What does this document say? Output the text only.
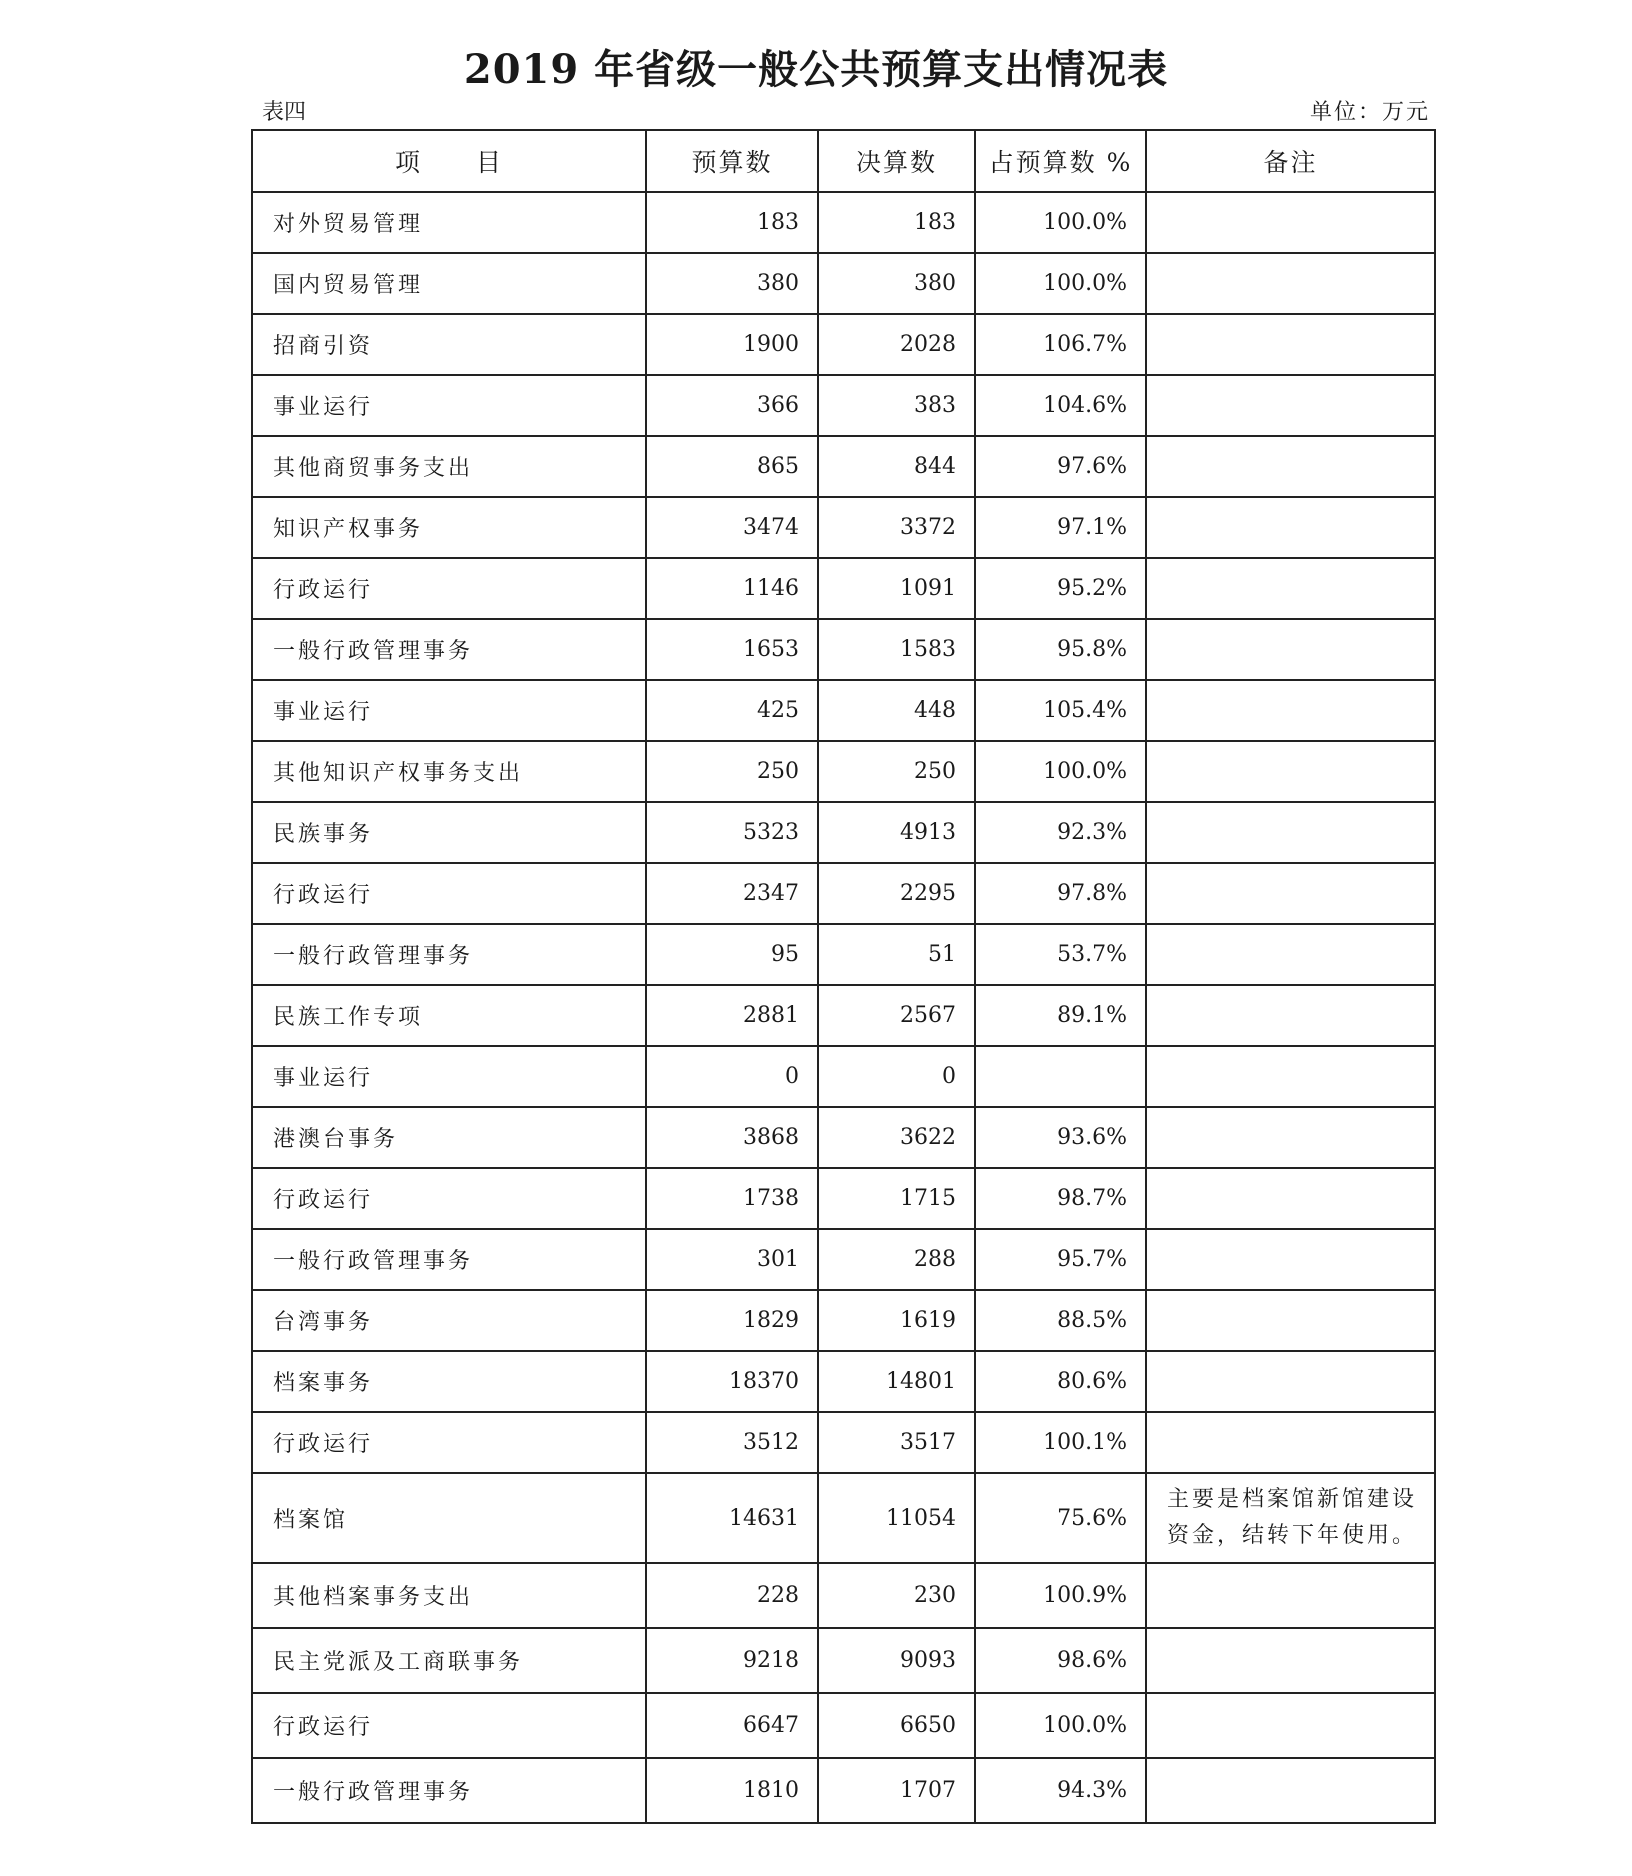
2019 年省级一般公共预算支出情况表
表四	单位：万元
项　　目	预算数	决算数	占预算数 %	备注
对外贸易管理	183	183	100.0%	
国内贸易管理	380	380	100.0%	
招商引资	1900	2028	106.7%	
事业运行	366	383	104.6%	
其他商贸事务支出	865	844	97.6%	
知识产权事务	3474	3372	97.1%	
行政运行	1146	1091	95.2%	
一般行政管理事务	1653	1583	95.8%	
事业运行	425	448	105.4%	
其他知识产权事务支出	250	250	100.0%	
民族事务	5323	4913	92.3%	
行政运行	2347	2295	97.8%	
一般行政管理事务	95	51	53.7%	
民族工作专项	2881	2567	89.1%	
事业运行	0	0		
港澳台事务	3868	3622	93.6%	
行政运行	1738	1715	98.7%	
一般行政管理事务	301	288	95.7%	
台湾事务	1829	1619	88.5%	
档案事务	18370	14801	80.6%	
行政运行	3512	3517	100.1%	
档案馆	14631	11054	75.6%	主要是档案馆新馆建设资金，结转下年使用。
其他档案事务支出	228	230	100.9%	
民主党派及工商联事务	9218	9093	98.6%	
行政运行	6647	6650	100.0%	
一般行政管理事务	1810	1707	94.3%	
